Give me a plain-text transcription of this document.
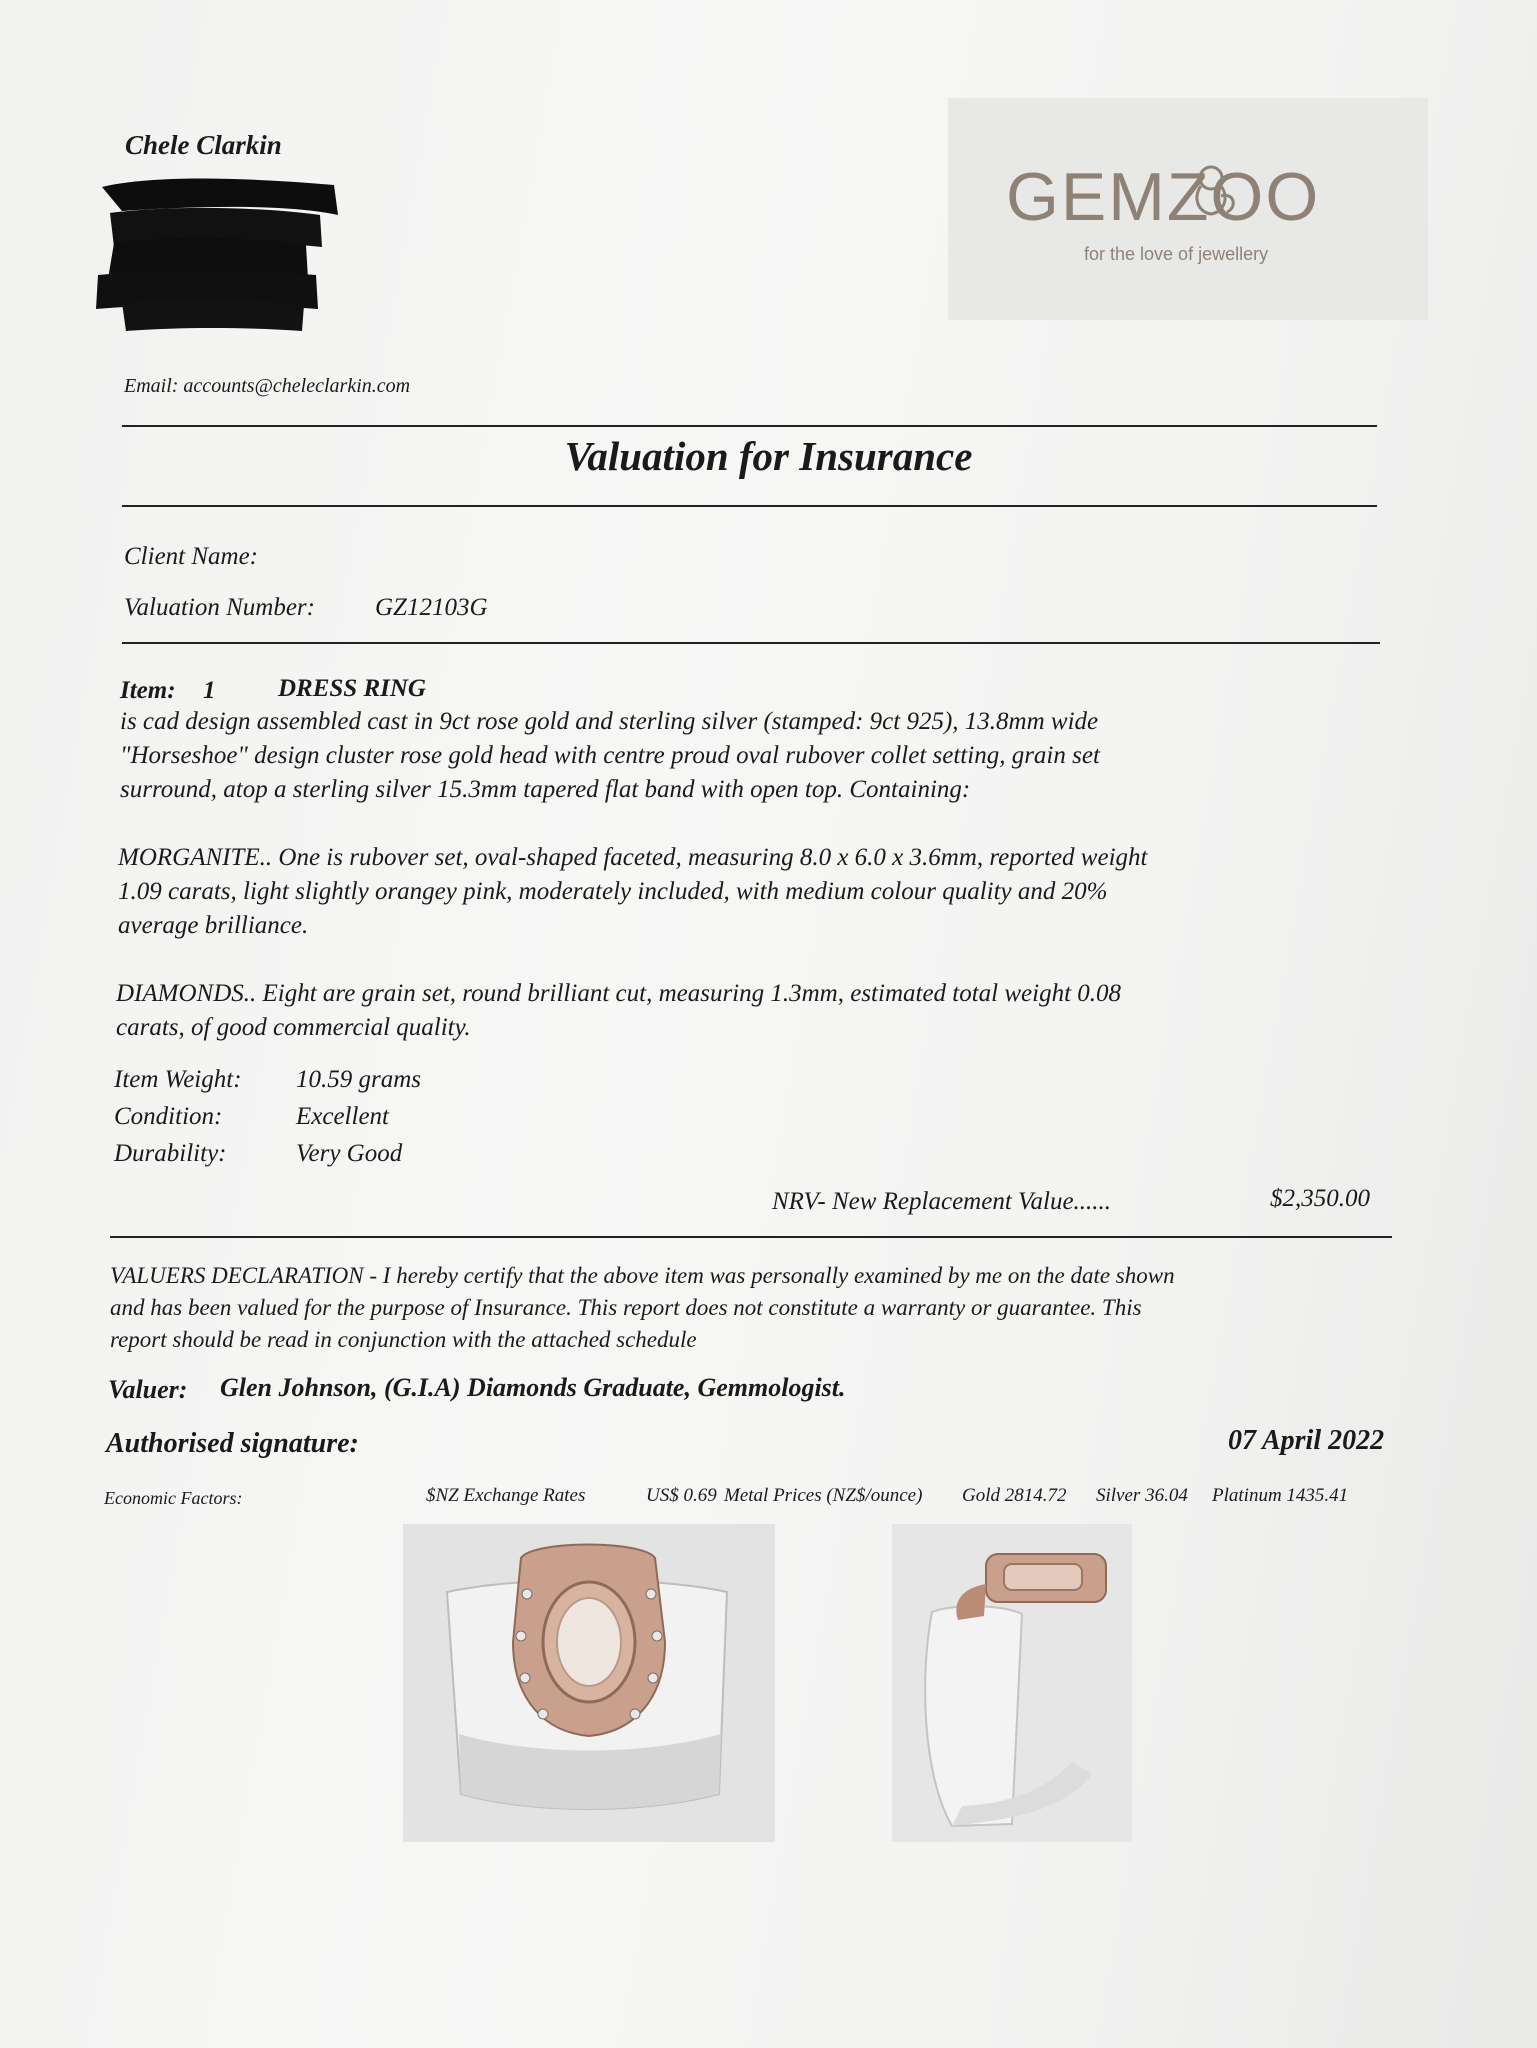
Chele Clarkin
Email: accounts@cheleclarkin.com
GEMZOO
for the love of jewellery
Valuation for Insurance
Client Name:
Valuation Number: GZ12103G
Item: 1	DRESS RING
is cad design assembled cast in 9ct rose gold and sterling silver (stamped: 9ct 925), 13.8mm wide
"Horseshoe" design cluster rose gold head with centre proud oval rubover collet setting, grain set
surround, atop a sterling silver 15.3mm tapered flat band with open top. Containing:
MORGANITE.. One is rubover set, oval-shaped faceted, measuring 8.0 x 6.0 x 3.6mm, reported weight
1.09 carats, light slightly orangey pink, moderately included, with medium colour quality and 20%
average brilliance.
DIAMONDS.. Eight are grain set, round brilliant cut, measuring 1.3mm, estimated total weight 0.08
carats, of good commercial quality.
Item Weight: 10.59 grams
Condition:	Excellent
Durability:	Very Good
NRV- New Replacement Value......	$2,350.00
VALUERS DECLARATION - I hereby certify that the above item was personally examined by me on the date shown
and has been valued for the purpose of Insurance. This report does not constitute a warranty or guarantee. This
report should be read in conjunction with the attached schedule
Valuer: Glen Johnson, (G.I.A) Diamonds Graduate, Gemmologist.
Authorised signature:	07 April 2022
Economic Factors:	$NZ Exchange Rates	US$ 0.69 Metal Prices (NZ$/ounce) Gold 2814.72 Silver 36.04 Platinum 1435.41
